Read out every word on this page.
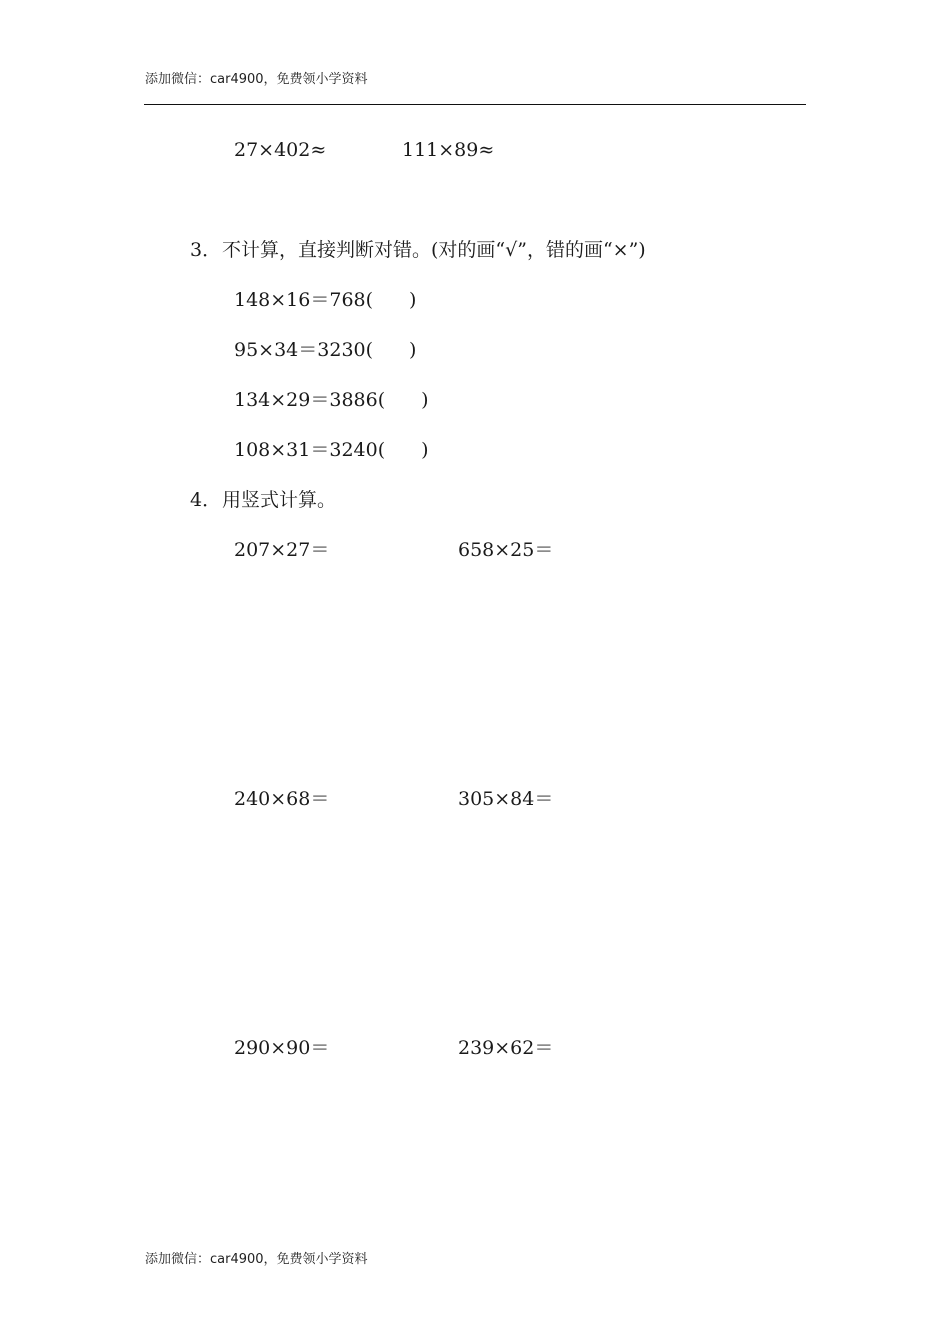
添加微信：car4900，免费领小学资料
27×402≈	111×89≈
3．不计算，直接判断对错。(对的画“√”，错的画“×”)
148×16＝768( )
95×34＝3230( )
134×29＝3886( )
108×31＝3240( )
4．用竖式计算。
207×27＝	658×25＝
240×68＝	305×84＝
290×90＝	239×62＝
添加微信：car4900，免费领小学资料
